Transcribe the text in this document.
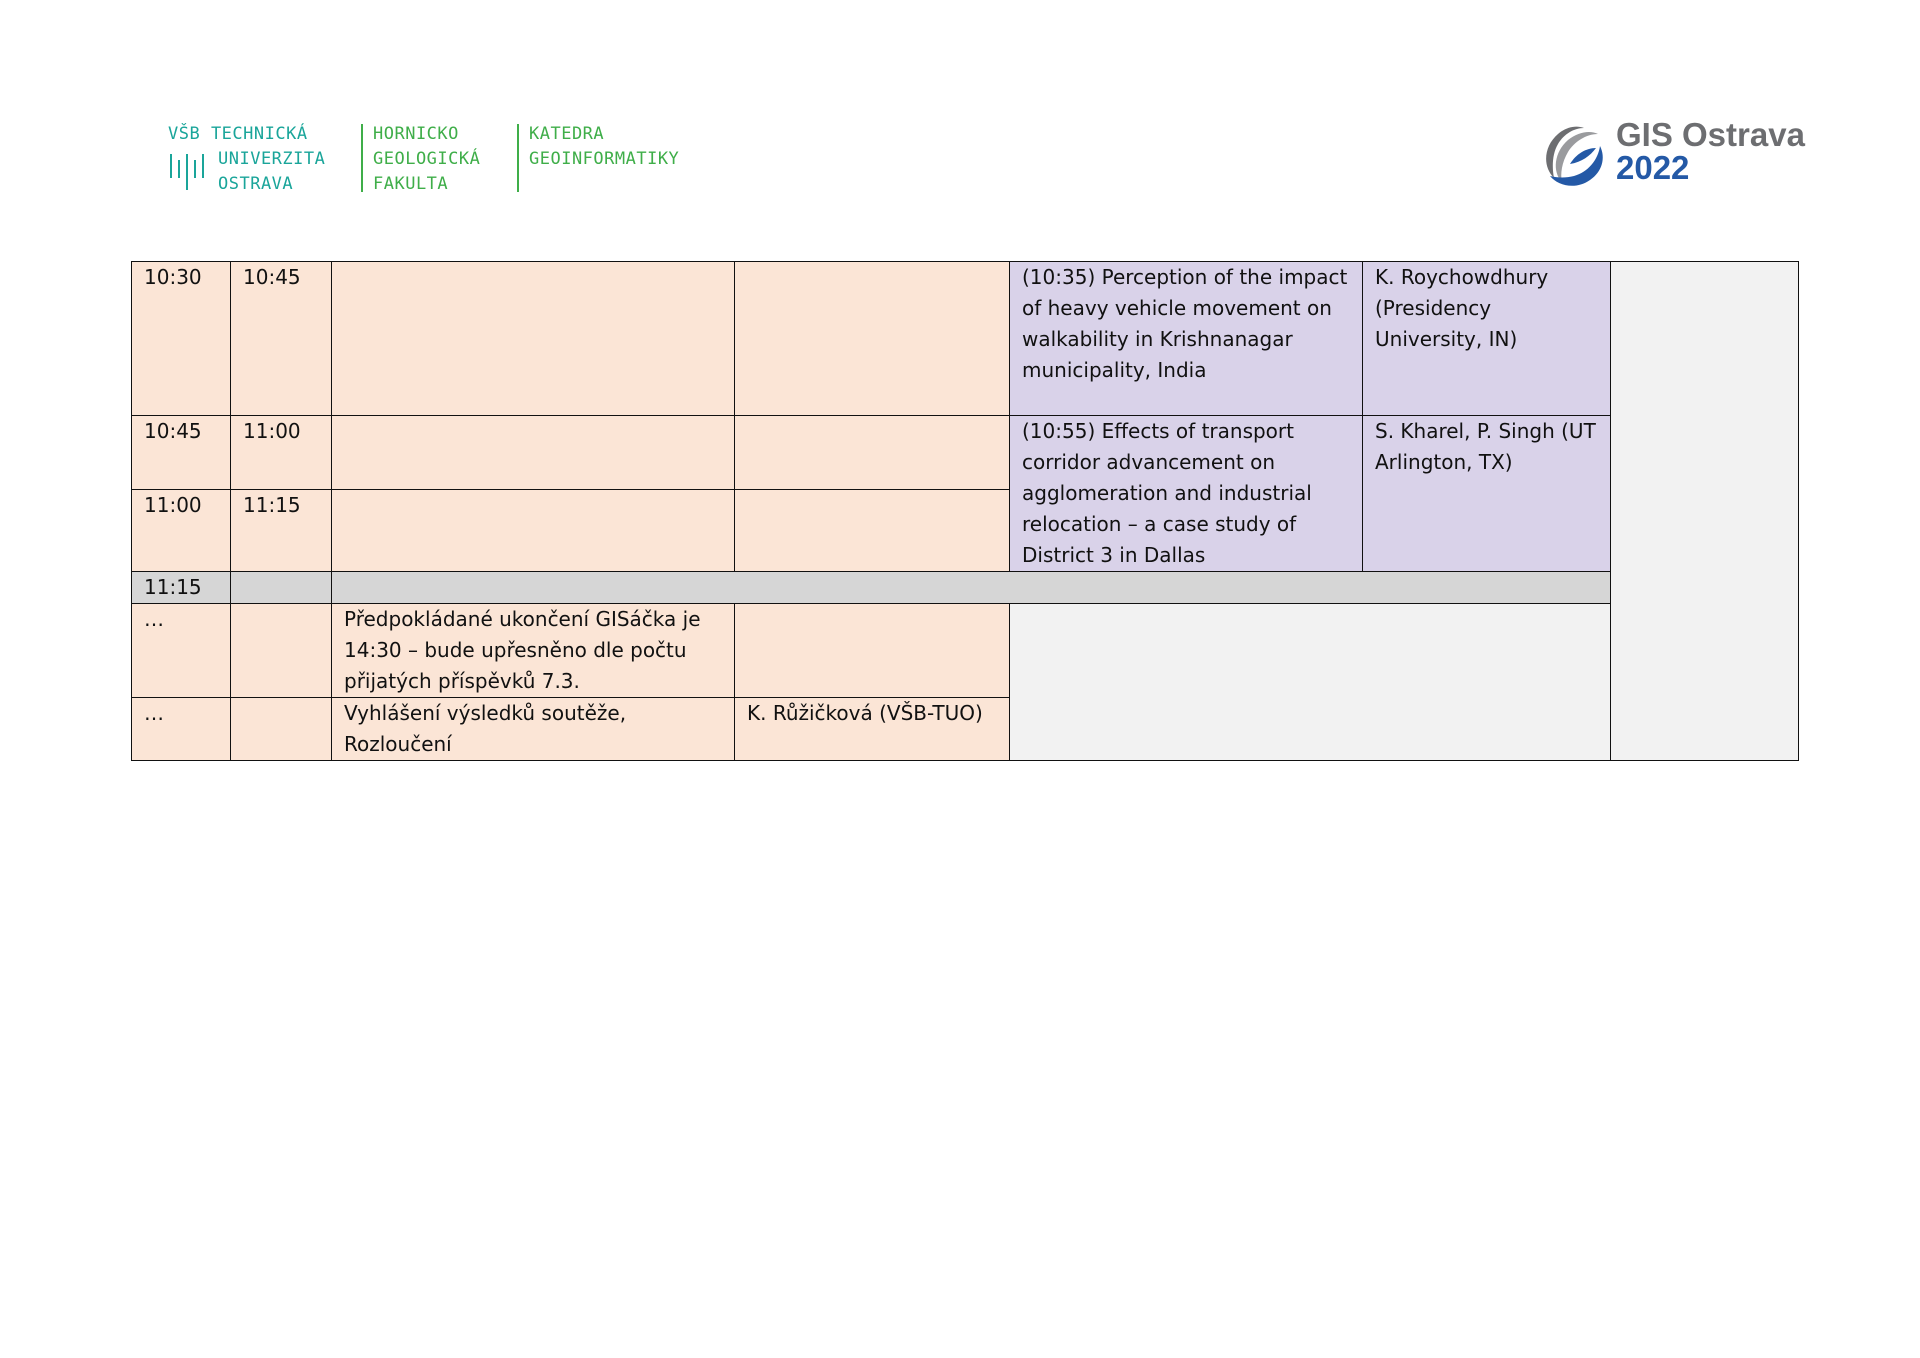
VŠB TECHNICKÁ
UNIVERZITA
OSTRAVA
HORNICKO
GEOLOGICKÁ
FAKULTA
KATEDRA
GEOINFORMATIKY
GIS Ostrava
2022
10:30	10:45			(10:35) Perception of the impact of heavy vehicle movement on walkability in Krishnanagar municipality, India	K. Roychowdhury (Presidency University, IN)	
10:45	11:00			(10:55) Effects of transport corridor advancement on agglomeration and industrial relocation – a case study of District 3 in Dallas	S. Kharel, P. Singh (UT Arlington, TX)	
11:00	11:15					
11:15						
…		Předpokládané ukončení GISáčka je 14:30 – bude upřesněno dle počtu přijatých příspěvků 7.3.				
…		Vyhlášení výsledků soutěže, Rozloučení	K. Růžičková (VŠB-TUO)			
